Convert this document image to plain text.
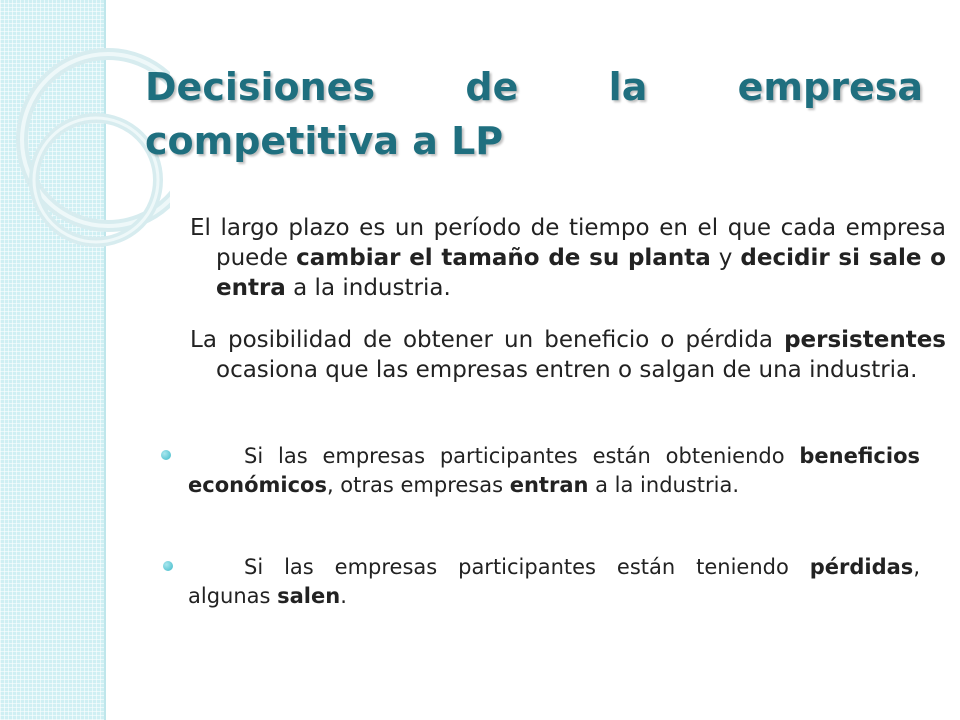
Decisiones de la empresa
competitiva a LP

El largo plazo es un período de tiempo en el que cada empresa puede cambiar el tamaño de su planta y decidir si sale o entra a la industria.

La posibilidad de obtener un beneficio o pérdida persistentes ocasiona que las empresas entren o salgan de una industria.

Si las empresas participantes están obteniendo beneficios económicos, otras empresas entran a la industria.

Si las empresas participantes están teniendo pérdidas, algunas salen.
